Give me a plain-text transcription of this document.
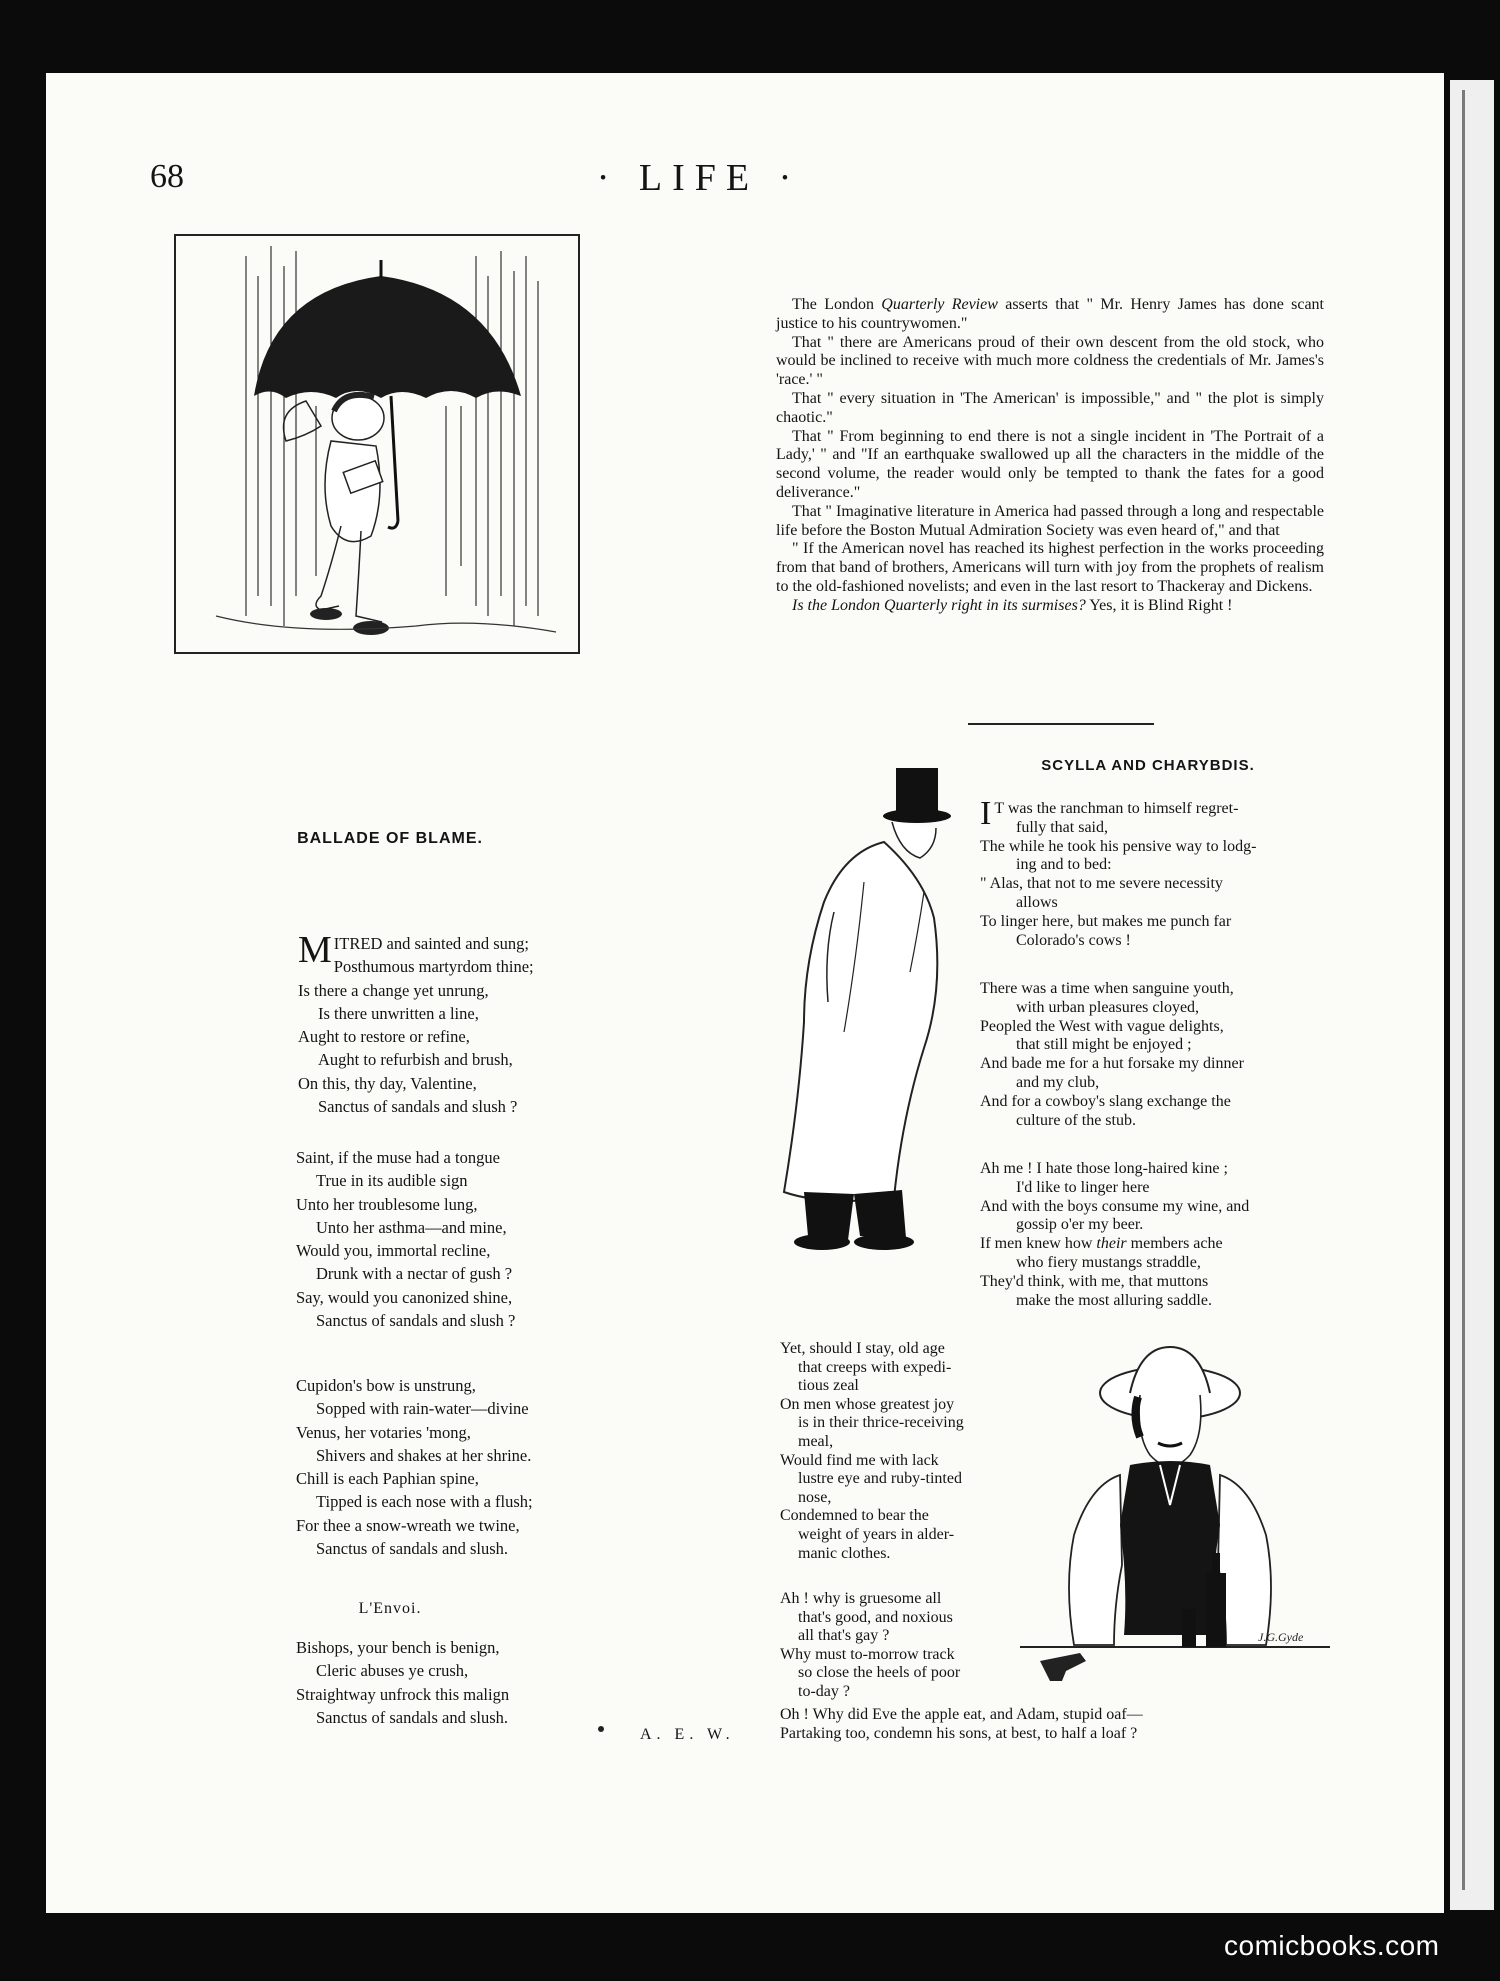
68	· LIFE ·
BALLADE OF BLAME.
MITRED and sainted and sung;
Posthumous martyrdom thine;
Is there a change yet unrung,
Is there unwritten a line,
Aught to restore or refine,
Aught to refurbish and brush,
On this, thy day, Valentine,
Sanctus of sandals and slush ?
Saint, if the muse had a tongue
True in its audible sign
Unto her troublesome lung,
Unto her asthma—and mine,
Would you, immortal recline,
Drunk with a nectar of gush ?
Say, would you canonized shine,
Sanctus of sandals and slush ?
Cupidon's bow is unstrung,
Sopped with rain-water—divine
Venus, her votaries 'mong,
Shivers and shakes at her shrine.
Chill is each Paphian spine,
Tipped is each nose with a flush;
For thee a snow-wreath we twine,
Sanctus of sandals and slush.
L'Envoi.
Bishops, your bench is benign,
Cleric abuses ye crush,
Straightway unfrock this malign
Sanctus of sandals and slush.
A. E. W.

The London Quarterly Review asserts that " Mr. Henry James has done scant justice to his countrywomen."

That " there are Americans proud of their own descent from the old stock, who would be inclined to receive with much more coldness the credentials of Mr. James's 'race.' "

That " every situation in 'The American' is impossible," and " the plot is simply chaotic."

That " From beginning to end there is not a single incident in 'The Portrait of a Lady,' " and "If an earthquake swallowed up all the characters in the middle of the second volume, the reader would only be tempted to thank the fates for a good deliverance."

That " Imaginative literature in America had passed through a long and respectable life before the Boston Mutual Admiration Society was even heard of," and that

" If the American novel has reached its highest perfection in the works proceeding from that band of brothers, Americans will turn with joy from the prophets of realism to the old-fashioned novelists; and even in the last resort to Thackeray and Dickens.

Is the London Quarterly right in its surmises? Yes, it is Blind Right !

SCYLLA AND CHARYBDIS.
I T was the ranchman to himself regret-
fully that said,
The while he took his pensive way to lodg-
ing and to bed:
" Alas, that not to me severe necessity
allows
To linger here, but makes me punch far
Colorado's cows !
There was a time when sanguine youth,
with urban pleasures cloyed,
Peopled the West with vague delights,
that still might be enjoyed ;
And bade me for a hut forsake my dinner
and my club,
And for a cowboy's slang exchange the
culture of the stub.
Ah me ! I hate those long-haired kine ;
I'd like to linger here
And with the boys consume my wine, and
gossip o'er my beer.
If men knew how their members ache
who fiery mustangs straddle,
They'd think, with me, that muttons
make the most alluring saddle.
Yet, should I stay, old age
that creeps with expedi-
tious zeal
On men whose greatest joy
is in their thrice-receiving
meal,
Would find me with lack
lustre eye and ruby-tinted
nose,
Condemned to bear the
weight of years in alder-
manic clothes.
Ah ! why is gruesome all
that's good, and noxious
all that's gay ?
Why must to-morrow track
so close the heels of poor
to-day ?
Oh ! Why did Eve the apple eat, and Adam, stupid oaf—
Partaking too, condemn his sons, at best, to half a loaf ?
J.G.Gyde
comicbooks.com
